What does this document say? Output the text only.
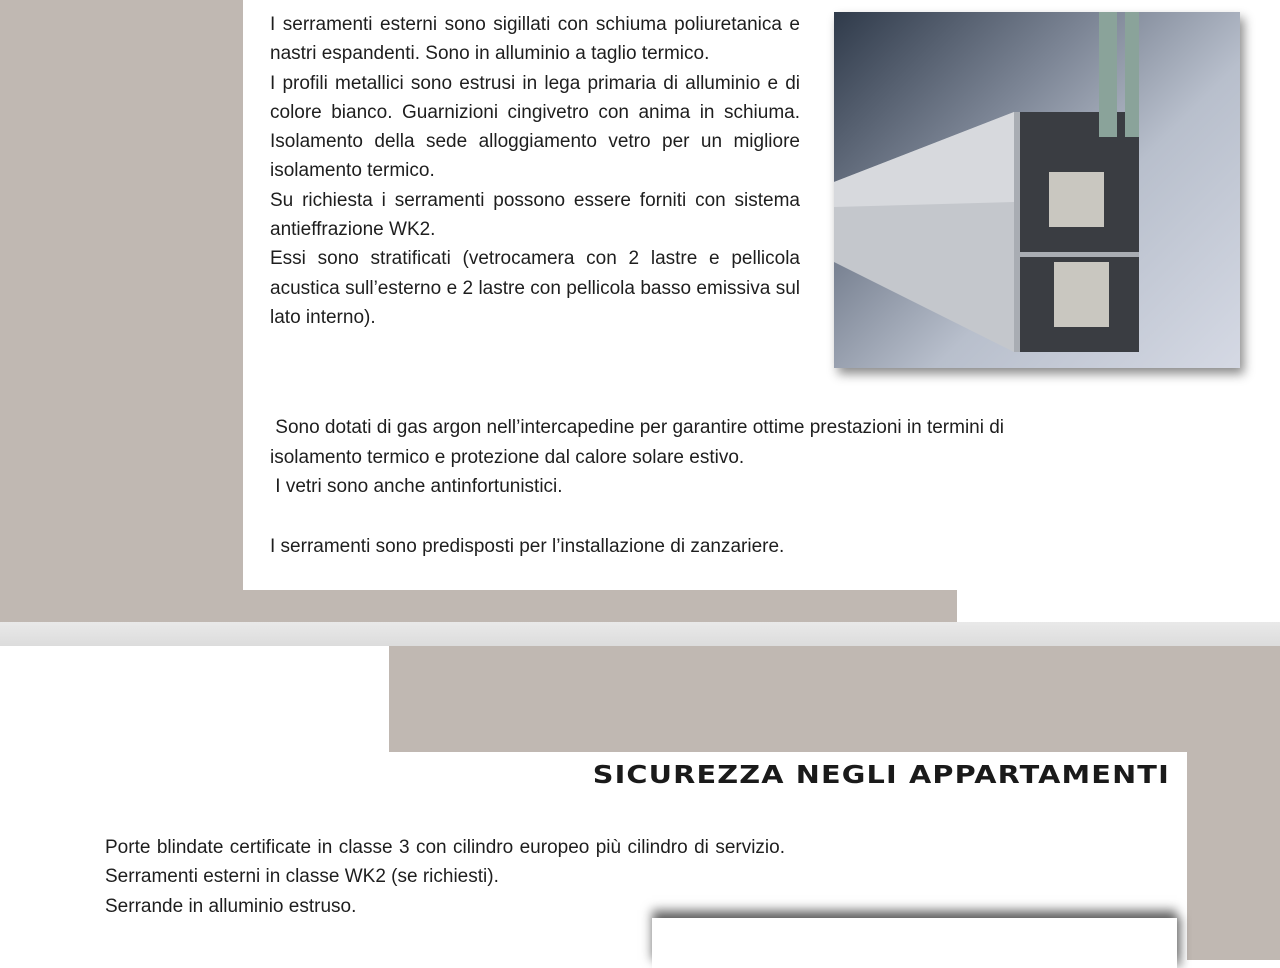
I serramenti esterni sono sigillati con schiuma poliuretanica e nastri espandenti. Sono in alluminio a taglio termico.

I profili metallici sono estrusi in lega primaria di alluminio e di colore bianco. Guarnizioni cingivetro con anima in schiuma. Isolamento della sede alloggiamento vetro per un migliore isolamento termico.

Su richiesta i serramenti possono essere forniti con sistema antieffrazione WK2.

Essi sono stratificati (vetrocamera con 2 lastre e pellicola acustica sull’esterno e 2 lastre con pellicola basso emissiva sul lato interno).

Sono dotati di gas argon nell’intercapedine per garantire ottime prestazioni in termini di

isolamento termico e protezione dal calore solare estivo.

I vetri sono anche antinfortunistici.

I serramenti sono predisposti per l’installazione di zanzariere.

SICUREZZA NEGLI APPARTAMENTI

Porte blindate certificate in classe 3 con cilindro europeo più cilindro di servizio. Serramenti esterni in classe WK2 (se richiesti).

Serrande in alluminio estruso.
